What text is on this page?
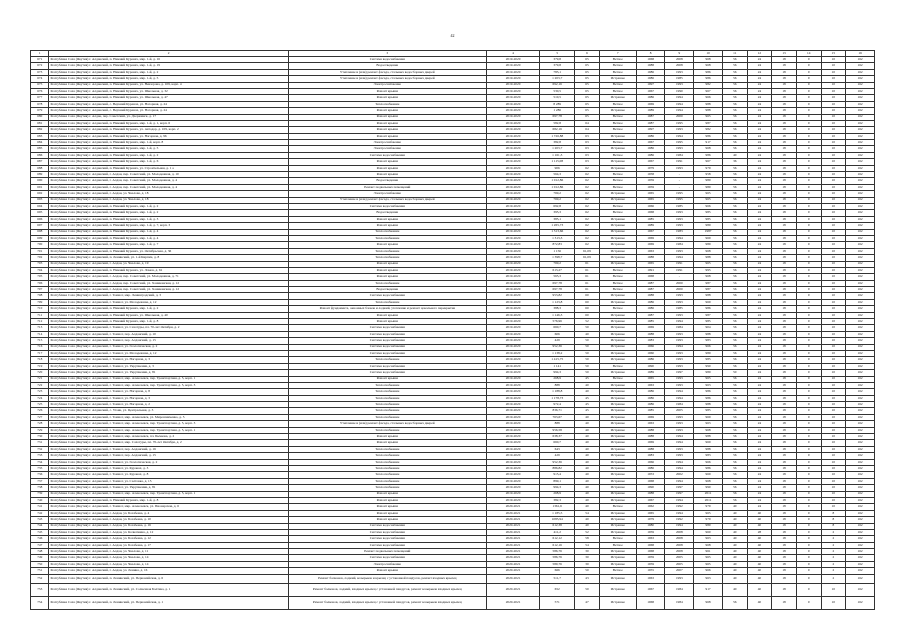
42
1	2	3	4	5	6	7	8	9	10	11	12	13	14	15	16
671	Республика Саха (Якутия) г. Алданский, п. Нижний Куранах, мкр. 1-й, д. 16	Система водоснабжения	2019-2020	379,8	65	Ветхое	1968	2008	968	56	24	18	0	10	162
672	Республика Саха (Якутия) г. Алданский, п. Нижний Куранах, мкр. 1-й, д. 19	Водоотведение	2019-2020	379,8	65	Ветхое	1988	2008	968	56	24	18	0	10	162
673	Республика Саха (Якутия) г. Алданский, п. Нижний Куранах, мкр. 1-й, д. 2	Утепление и (или) ремонт фасада, стальных водосборных дверей	2019-2020	783,1	65	Ветхое	1986	1993	986	56	24	18	0	10	162
674	Республика Саха (Якутия) г. Алданский, п. Нижний Куранах, мкр. 1-й, д. 5	Утепление и (или) ремонт фасада, стальных водосборных дверей	2019-2020	1 203,7	65	Истрашее	1986	1985	986	56	24	18	0	10	162
675	Республика Саха (Якутия) г. Алданский, п. Нижний Куранах, ул. Невзорова, д. 109, корп. 4	Электроснабжение	2019-2020	692,16	65	Ветхое	1997	1993	982	56	24	18	0	10	162
676	Республика Саха (Якутия) г. Алданский, п. Нижний Куранах, ул. Школьная, д. 32	Ремонт крыши	2019-2020	530,5	65	Ветхое	1967	1990	967	56	24	18	0	10	162
677	Республика Саха (Якутия) г. Алданский, п. Нижний Куранах, ул. Школьная, д. 47	Ремонт крыши	2019-2020	510,5	65	Истрашее	1986	1994	966	56	24	18	0	10	162
678	Республика Саха (Якутия) г. Алданский, с. Верхний Куранах, ул. Нагорная, д. 24	Теплоснабжение	2019-2020	8 289	65	Ветхое	1969	1994	988	56	24	18	0	10	162
679	Республика Саха (Якутия) г. Алданский, с. Верхний Куранах, ул. Нагорная, д. 24	Ремонт крыши	2019-2020	1 286	65	Истрашее	1989	1994	988	56	24	18	0	10	162
680	Республика Саха (Якутия) г. Алдан, пер. Советский, ул. Дзержинск, д. 17	Ремонт крыши	2019-2020	697,78	65	Ветхое	1987	2000	965	56	24	18	0	10	162
681	Республика Саха (Якутия) г. Алданский, п. Нижний Куранах, мкр. 1-й, д. 1, корп. 6	Ремонт крыши	2019-2020	582,8	64	Ветхое	1987	1995	987	56	24	18	0	10	162
682	Республика Саха (Якутия) г. Алданский, п. Нижний Куранах, ул. Автодор, д. 109, корп. 2	Ремонт крыши	2019-2020	682,16	64	Ветхое	1997	1993	982	56	24	18	0	10	162
683	Республика Саха (Якутия) г. Алданский, п. Нижний Куранах, ул. Нагорная, д. 96	Ремонт крыши	2019-2020	1 726,88	63	Истрашее	1986	1994	986	56	24	18	0	10	162
684	Республика Саха (Якутия) г. Алданский, п. Нижний Куранах, мкр. 1-й, корп. 8	Электроснабжение	2019-2020	382,8	63	Ветхое	1967	1995	917	56	24	18	0	10	162
685	Республика Саха (Якутия) г. Алданский, п. Нижний Куранах, мкр. 1-й, д. 5	Электроснабжение	2019-2020	1 203,7	63	Истрашее	1986	1993	968	56	24	18	0	10	162
686	Республика Саха (Якутия) г. Алданский, п. Нижний Куранах, мкр. 1-й, д. 2	Система водоснабжения	2019-2020	1 161,3	63	Ветхое	1986	1984	986	40	24	18	0	10	162
687	Республика Саха (Якутия) г. Алданский, п. Нижний Куранах, мкр. 1-й, д. 6	Ремонт крыши	2019-2020	1 115,08	63	Истрашее	1967	1991	967	36	24	18	0	10	162
688	Республика Саха (Якутия) г. Алданский, п. Нижний Куранах, ул. Строительная, д. 1 а	Ремонт крыши	2019-2020	906	62	Истрашее	1979	1993	979	56	24	18	0	10	162
689	Республика Саха (Якутия) г. Алданский, г. Алдан, пер. Советский, ул. Молодежная, д. 10	Ремонт крыши	2019-2020	564,3	62	Ветхое	1958	-	958	56	24	18	0	10	162
690	Республика Саха (Якутия) г. Алданский, г. Алдан, пер. Советский, ул. Молодежная, д. 4	Водоотведение	2019-2020	1 012,86	62	Ветхое	1959	-	989	56	24	18	0	10	162
691	Республика Саха (Якутия) г. Алданский, г. Алдан, пер. Советский, ул. Молодежная, д. 4	Ремонт подвальных помещений	2019-2020	1 012,86	62	Ветхое	1959	-	989	56	24	18	0	10	162
692	Республика Саха (Якутия) г. Алданский, г. Алдан, ул. Чкалова, д. 18	Электроснабжение	2019-2020	769,2	62	Истрашее	1965	1995	965	56	24	18	0	10	162
693	Республика Саха (Якутия) г. Алданский, г. Алдан, ул. Чкалова, д. 18	Утепление и (или) ремонт фасада, стальных водосборных дверей	2019-2020	769,2	62	Истрашее	1965	1995	965	56	24	18	0	10	162
694	Республика Саха (Якутия) г. Алданский, п. Нижний Куранах, мкр. 1-й, д. 2	Система водоснабжения	2019-2020	692,8	62	Ветхое	1966	1985	966	56	24	18	0	10	162
695	Республика Саха (Якутия) г. Алданский, п. Нижний Куранах, мкр. 1-й, д. 2	Водоотведение	2019-2020	395,3	62	Ветхое	1968	1993	985	56	24	18	0	10	162
696	Республика Саха (Якутия) г. Алданский, п. Нижний Куранах, мкр. 1-й, д. 3	Ремонт крыши	2019-2020	385,1	62	Истрашее	1985	1993	985	56	24	18	0	10	162
697	Республика Саха (Якутия) г. Алданский, п. Нижний Куранах, мкр. 1-й, д. 7, корп. 3	Ремонт крыши	2019-2020	1 265,73	62	Истрашее	1989	1993	989	56	24	18	0	10	162
698	Республика Саха (Якутия) г. Алданский, п. Нижний Куранах, мкр. 1-й, д. 4	Теплоснабжение	2019-2020	1 313,66	62	Истрашее	1967	1983	1987	56	24	18	0	10	162
699	Республика Саха (Якутия) г. Алданский, п. Нижний Куранах, мкр. 1-й, д. 4	Теплоснабжение	2019-2020	1 313,3	62	Истрашее	1969	1994	969	56	24	18	0	10	162
700	Республика Саха (Якутия) г. Алданский, п. Нижний Куранах, мкр. 1-й, д. 7	Ремонт крыши	2019-2020	872,83	62	Истрашее	1969	1984	989	56	24	18	0	10	162
701	Республика Саха (Якутия) г. Алданский, п. Нижний Куранах, ул. Октябрьская, д. 36	Теплоснабжение	2019-2020	1 156	61,09	Истрашее	1963	1993	968	56	24	18	0	10	162
702	Республика Саха (Якутия) г. Алданский, п. Ленинский, ул. 1-й Кирпич, д. 8	Теплоснабжение	2019-2020	1 398,7	61,09	Истрашее	1988	1994	988	56	24	18	0	10	162
703	Республика Саха (Якутия) г. Алданский, г. Алдан, ул. Чкалова, д. 19	Ремонт крыши	2019-2020	769,2	61	Истрашее	1965	1991	965	56	24	18	0	10	162
704	Республика Саха (Якутия) г. Алданский, п. Нижний Куранах, ул. Ломов, д. 61	Ремонт крыши	2019-2020	613,27	61	Ветхое	1991	1991	995	56	24	18	0	10	162
705	Республика Саха (Якутия) г. Алданский, г. Алдан, пер. Советский, ул. Молодежная, д. 71	Ремонт крыши	2019-2020	565,3	61	Ветхое	1968	-	968	56	24	18	0	10	162
706	Республика Саха (Якутия) г. Алданский, г. Алдан, пер. Советский, ул. Ханиканская, д. 12	Теплоснабжение	2019-2020	697,78	61	Ветхое	1987	2000	987	56	24	18	0	10	162
707	Республика Саха (Якутия) г. Алданский, г. Алдан, пер. Советский, ул. Ханиканская, д. 12	Водоотведение	2019-2020	697,78	61	Ветхое	1987	2000	987	56	24	18	0	10	162
708	Республика Саха (Якутия) г. Алданский, г. Томмот, мкр. Ленинградский, д. 3	Система водоснабжения	2019-2020	953,82	60	Истрашее	1988	1993	988	56	24	18	0	10	162
709	Республика Саха (Якутия) г. Алданский, г. Томмот, ул. Молодежная, д. 12	Теплоснабжение	2019-2020	1 123,8	60	Истрашее	1986	1993	969	56	24	18	0	10	162
710	Республика Саха (Якутия) г. Алданский, п. Нижний Куранах, мкр. 1-й, д. 2	Ремонт фундамента, окнонных блоков и лоджий, утепление и ремонт цокольного перекрытия	2019-2020	388,3	60	Ветхое	1986	1985	986	56	24	18	0	10	162
711	Республика Саха (Якутия) г. Алданский, п. Нижний Куранах, ул. Школьная, д. 40	Ремонт крыши	2019-2020	1 146,3	60	Истрашее	1987	1993	987	56	24	18	0	10	162
712	Республика Саха (Якутия) г. Алданский, п. Нижний Куранах, мкр. 1-й, д. 8	Ремонт крыши	2019-2020	576,96	52	Истрашее	1985	1994	985	56	24	18	0	10	162
713	Республика Саха (Якутия) г. Алданский, г. Томмот, ул. Сахотуры, пл. 70-лет Октября, д. 2	Система водоснабжения	2019-2020	660,7	50	Истрашее	1969	1984	904	56	24	18	0	10	162
714	Республика Саха (Якутия) г. Алданский, г. Томмот, пер. Алданский, д. 10	Система водоснабжения	2019-2020	606	40	Истрашее	1988	1993	988	56	24	18	0	10	162
715	Республика Саха (Якутия) г. Алданский, г. Томмот, пер. Алданский, д. 15	Система водоснабжения	2019-2020	429	50	Истрашее	1983	1993	983	56	24	18	0	10	162
716	Республика Саха (Якутия) г. Алданский, г. Томмот, ул. Геологическая, д. 2	Система водоснабжения	2019-2020	952,36	50	Истрашее	1966	1994	966	56	24	18	0	10	162
717	Республика Саха (Якутия) г. Алданский, г. Томмот, ул. Молодежная, д. 12	Система водоснабжения	2019-2020	1 138,2	50	Истрашее	1960	1993	989	56	24	18	0	10	162
718	Республика Саха (Якутия) г. Алданский, г. Томмот, ул. Нагорная, д. 3	Теплоснабжение	2019-2020	1 415,75	50	Истрашее	1986	1993	985	56	24	18	0	10	162
719	Республика Саха (Якутия) г. Алданский, г. Томмот, ул. Укрупнения, д. 3	Система водоснабжения	2019-2020	1 141	50	Ветхое	1990	1993	990	56	24	18	0	10	162
720	Республика Саха (Якутия) г. Алданский, г. Томмот, ул. Укрупнения, д. 81	Система водоснабжения	2019-2020	994,3	50	Истрашее	1989	1997	989	50	24	18	0	10	162
721	Республика Саха (Якутия) г. Алданский, г. Томмот, мкр. Алексеевск, пер. Транспортная, д. 5, корп. 1	Ремонт крыши	2019-2020	268,9	45	Ветхое	1965	1993	965	56	24	18	0	10	162
722	Республика Саха (Якутия) г. Алданский, г. Томмот, мкр. Алексеевск, пер. Транспортная, д. 5, корп. 3	Теплоснабжение	2019-2020	888	40	Истрашее	1963	1993	963	56	24	18	0	10	162
723	Республика Саха (Якутия) г. Алданский, г. Томмот, ул. Нагорная, д. 8	Теплоснабжение	2019-2020	1 188,8	40	Истрашее	1986	1994	986	56	24	18	0	10	162
724	Республика Саха (Якутия) г. Алданский, г. Томмот, ул. Нагорная, д. 3	Теплоснабжение	2019-2020	1 178,73	45	Истрашее	1986	1994	986	56	24	18	0	10	162
725	Республика Саха (Якутия) г. Алданский, г. Томмот, ул. Нагорная, д. 2	Теплоснабжение	2019-2020	972,4	45	Истрашее	1986	1984	988	56	24	18	0	10	162
726	Республика Саха (Якутия) г. Алданский, с. Угоян, ул. Центральная, д. 3	Теплоснабжение	2019-2020	836,71	45	Истрашее	1985	2005	985	56	24	18	0	10	162
727	Республика Саха (Якутия) г. Алданский, г. Томмот, мкр. Алексеевск, ул. Мирошниченко, д. 5	Теплоснабжение	2019-2020	763,67	40	Истрашее	1969	1993	969	56	24	18	0	10	162
728	Республика Саха (Якутия) г. Алданский, г. Томмот, мкр. Алексеевск, пер. Транспортная, д. 5, корп. 3	Утепление и (или) ремонт фасада, стальных водосборных дверей	2019-2020	888	40	Истрашее	1963	1993	963	56	24	18	0	10	162
729	Республика Саха (Якутия) г. Алданский, г. Томмот, мкр. Алексеевск, пер. Транспортная, д. 5, корп. 1	Теплоснабжение	2019-2020	956,58	40	Истрашее	1988	1993	968	56	24	18	0	10	162
730	Республика Саха (Якутия) г. Алданский, г. Томмот, мкр. Алексеевск, пл. Бычкова, д. 2	Ремонт крыши	2019-2020	638,37	40	Истрашее	1988	1994	988	56	24	18	0	10	162
731	Республика Саха (Якутия) г. Алданский, г. Томмот, мкр. Сахотуры, пл. 70-лет Октября, д. 2	Ремонт крыши	2019-2020	660,7	40	Истрашее	1969	1994	969	56	24	18	0	10	162
732	Республика Саха (Якутия) г. Алданский, г. Томмот, пер. Алданский, д. 16	Теплоснабжение	2019-2020	643	40	Истрашее	1988	1993	988	56	24	18	0	10	162
733	Республика Саха (Якутия) г. Алданский, г. Томмот, пер. Алданский, д. 15	Теплоснабжение	2019-2020	429	40	Истрашее	1983	1993	983	56	24	18	0	10	162
734	Республика Саха (Якутия) г. Алданский, г. Томмот, ул. Геологическая, д. 2	Теплоснабжение	2019-2020	952,36	40	Истрашее	1966	1994	966	56	24	18	0	10	162
735	Республика Саха (Якутия) г. Алданский, г. Томмот, ул. Куранах, д. 3	Теплоснабжение	2019-2020	886,82	40	Истрашее	1986	1994	986	56	24	18	0	10	162
736	Республика Саха (Якутия) г. Алданский, г. Томмот, ул. Куранах, д. 8	Теплоснабжение	2019-2020	915,4	40	Истрашее	1953	2002	969	56	24	18	0	10	162
737	Республика Саха (Якутия) г. Алданский, г. Томмот, ул. Салтовка, д. 15	Теплоснабжение	2019-2020	899,1	40	Истрашее	1968	1994	968	56	24	18	0	10	162
738	Республика Саха (Якутия) г. Алданский, г. Томмот, ул. Укрупнения, д. 81	Теплоснабжение	2019-2020	994,3	40	Истрашее	1990	1997	990	56	24	18	0	10	162
739	Республика Саха (Якутия) г. Алданский, г. Томмот, мкр. Алексеевск, пер. Транспортная, д. 5, корп. 1	Ремонт крыши	2019-2020	268,9	40	Истрашее	1988	1997	2011	56	24	18	0	10	162
740	Республика Саха (Якутия) г. Алданский, п. Нижний Куранах, мкр. 1-й, д. 8	Ремонт крыши	2019-2020	382,3	40	Истрашее	1967	1994	2011	56	24	18	0	10	162
741	Республика Саха (Якутия) г. Алданский, г. Томмот, мкр. Алексеевск, ул. Пионерская, д. 6	Ремонт крыши	2020-2021	1361,6	40	Ветхое	1962	1992	979	40	24	18	0	10	162
742	Республика Саха (Якутия) г. Алданский, г. Алдан, ул. Бозабеева, д. 4	Ремонт крыши	2020-2021	1 185,5	54	Истрашее	1965	1994	965	40	40	18	0	8	162
743	Республика Саха (Якутия) г. Алданский, г. Алдан, ул. Бозабеева, д. 10	Ремонт крыши	2020-2021	1083,94	40	Истрашее	1979	1992	979	40	40	18	0	8	162
744	Республика Саха (Якутия) г. Алданский, г. Алдан, ул. Бозабеева, д. 16	Система водоснабжения	2020-2021	612,38	40	Истрашее	1980	1994	980	40	40	18	0	8	162
745	Республика Саха (Якутия) г. Алданский, г. Алдан, ул. Кочкаткина, д. 12	Система водоснабжения	2020-2021	411,2	52	Истрашее	1959	2008	960	40	28	18	0	2	162
746	Республика Саха (Якутия) г. Алданский, г. Алдан, ул. Бозабеева, д. 12	Система водоснабжения	2020-2021	612,12	58	Ветхое	1963	2008	963	40	40	18	0	2	162
747	Республика Саха (Якутия) г. Алданский, г. Алдан, ул. Бозабеева, д. 17	Система водоснабжения	2020-2021	612,16	54	Ветхое	1968	2008	968	40	40	18	0	2	162
748	Республика Саха (Якутия) г. Алданский, г. Алдан, ул. Чкалова, д. 11	Ремонт подвальных помещений	2020-2021	586,76	30	Истрашее	1968	2008	961	40	40	18	0	2	162
749	Республика Саха (Якутия) г. Алданский, г. Алдан, ул. Чкалова, д. 14	Система водоснабжения	2020-2021	586,76	30	Истрашее	1959	2005	965	40	40	18	0	2	162
750	Республика Саха (Якутия) г. Алданский, г. Алдан, ул. Чкалова, д. 14	Электроснабжение	2020-2021	589,76	30	Истрашее	1959	2005	965	40	40	18	0	2	162
751	Республика Саха (Якутия) г. Алданский, г. Алдан, ул. Ленина, д. 16	Ремонт крыши	2020-2021	666	50	Ветхое	1955	2007	966	40	40	18	0	2	162
752	Республика Саха (Якутия) г. Алданский, п. Ленинский, ул. Первомайская, д. 6	Ремонт балконов, лоджий, козырьков и крылец с установкой пандусов, ремонт входных крылец	2020-2021	511,7	43	Истрашее	1963	1993	963	40	40	18	0	2	162
753	Республика Саха (Якутия) г. Алданский, п. Ленинский, ул. Солнечная Балтика, д. 1	Ремонт балконов, лоджий, входных крылец с установкой пандусов, ремонт козырьков входных крылец	2020-2021	652	50	Истрашее	1967	1984	917	40	40	18	0	10	162
754	Республика Саха (Якутия) г. Алданский, п. Ленинский, ул. Первомайская, д. 1	Ремонт балконов, лоджий, входных крылец с установкой пандусов, ремонт козырьков входных крылец	2020-2021	571	47	Истрашее	1968	1984	968	56	40	18	0	10	162
